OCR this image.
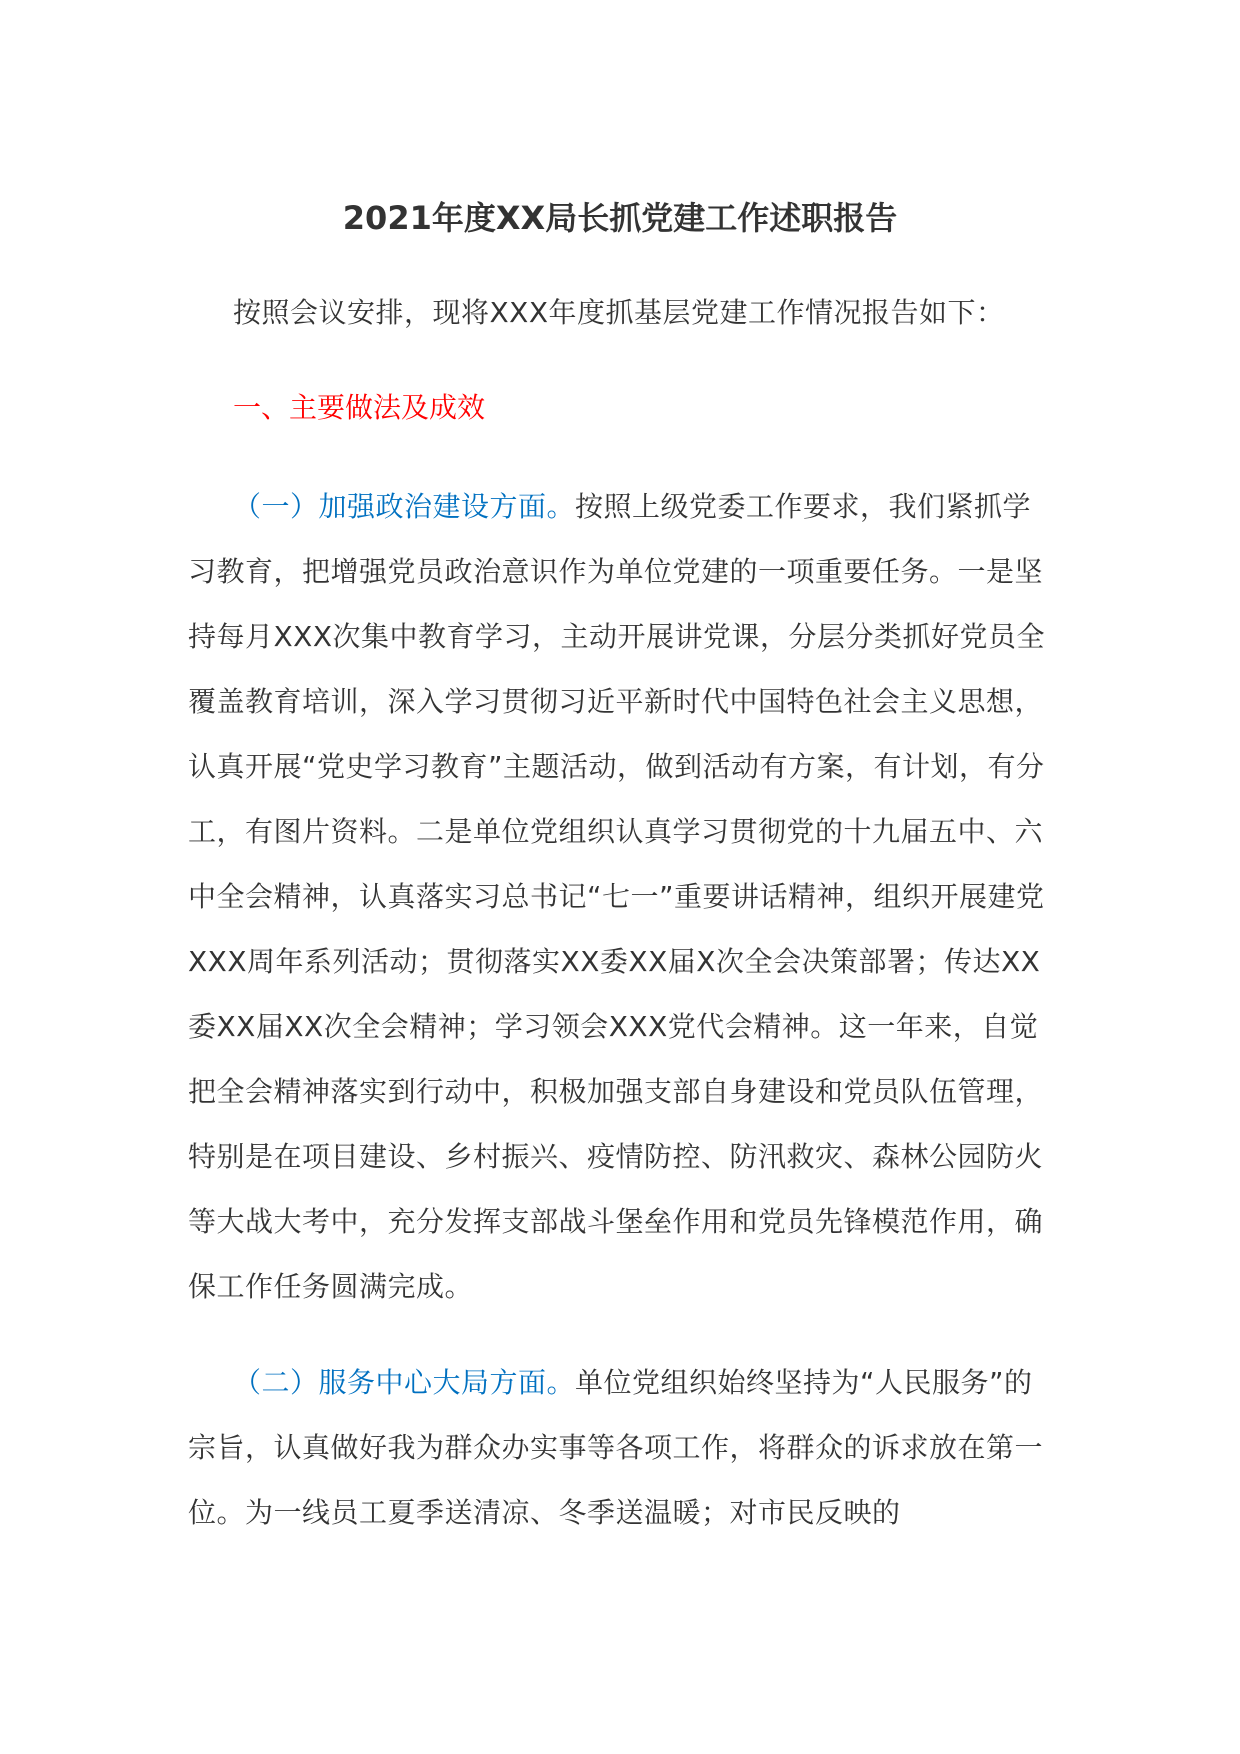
2021年度XX局长抓党建工作述职报告
按照会议安排，现将XXX年度抓基层党建工作情况报告如下：
一、主要做法及成效
（一）加强政治建设方面。按照上级党委工作要求，我们紧抓学习教育，把增强党员政治意识作为单位党建的一项重要任务。一是坚持每月XXX次集中教育学习，主动开展讲党课，分层分类抓好党员全覆盖教育培训，深入学习贯彻习近平新时代中国特色社会主义思想，认真开展“党史学习教育”主题活动，做到活动有方案，有计划，有分工，有图片资料。二是单位党组织认真学习贯彻党的十九届五中、六中全会精神，认真落实习总书记“七一”重要讲话精神，组织开展建党XXX周年系列活动；贯彻落实XX委XX届X次全会决策部署；传达XX委XX届XX次全会精神；学习领会XXX党代会精神。这一年来，自觉把全会精神落实到行动中，积极加强支部自身建设和党员队伍管理，特别是在项目建设、乡村振兴、疫情防控、防汛救灾、森林公园防火等大战大考中，充分发挥支部战斗堡垒作用和党员先锋模范作用，确保工作任务圆满完成。
（二）服务中心大局方面。单位党组织始终坚持为“人民服务”的宗旨，认真做好我为群众办实事等各项工作，将群众的诉求放在第一位。为一线员工夏季送清凉、冬季送温暖；对市民反映的
